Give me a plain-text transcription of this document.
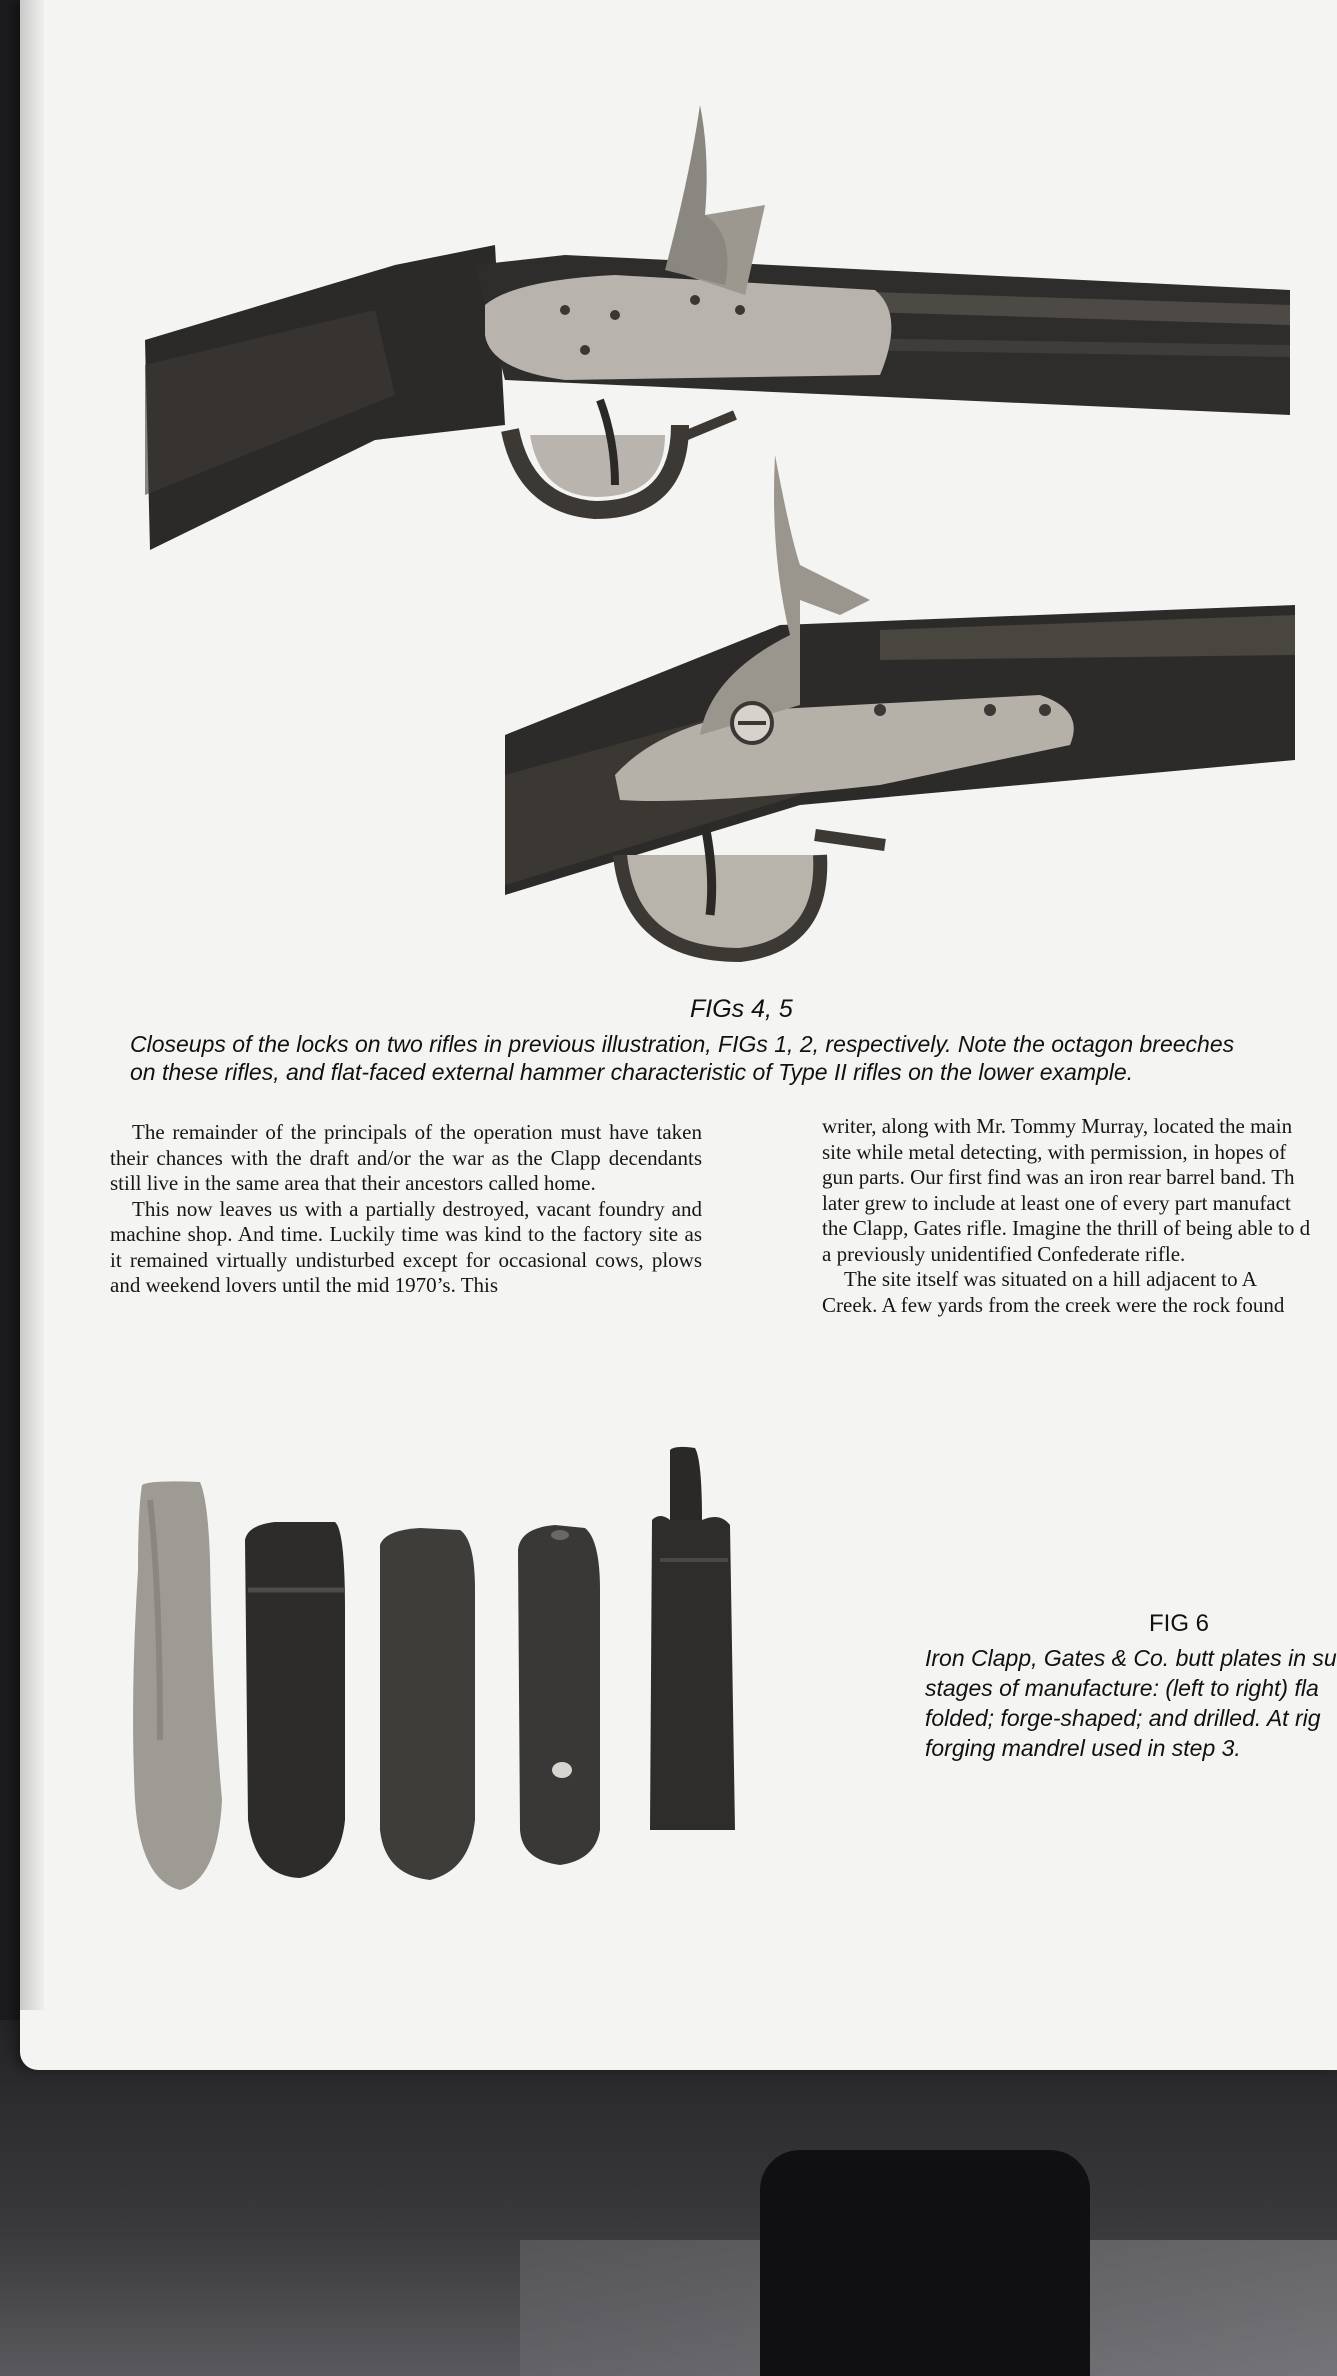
FIGs 4, 5
Closeups of the locks on two rifles in previous illustration, FIGs 1, 2, respectively. Note the octagon breeches
on these rifles, and flat-faced external hammer characteristic of Type II rifles on the lower example.

The remainder of the principals of the operation must have taken their chances with the draft and/or the war as the Clapp decendants still live in the same area that their ancestors called home.

This now leaves us with a partially destroyed, vacant foundry and machine shop. And time. Luckily time was kind to the factory site as it remained virtually undisturbed except for occasional cows, plows and weekend lovers until the mid 1970’s. This

writer, along with Mr. Tommy Murray, located the main

site while metal detecting, with permission, in hopes of

gun parts. Our first find was an iron rear barrel band. Th

later grew to include at least one of every part manufact

the Clapp, Gates rifle. Imagine the thrill of being able to d

a previously unidentified Confederate rifle.

The site itself was situated on a hill adjacent to A

Creek. A few yards from the creek were the rock found

FIG 6
Iron Clapp, Gates & Co. butt plates in su
stages of manufacture: (left to right) fla
folded; forge-shaped; and drilled. At rig
forging mandrel used in step 3.
